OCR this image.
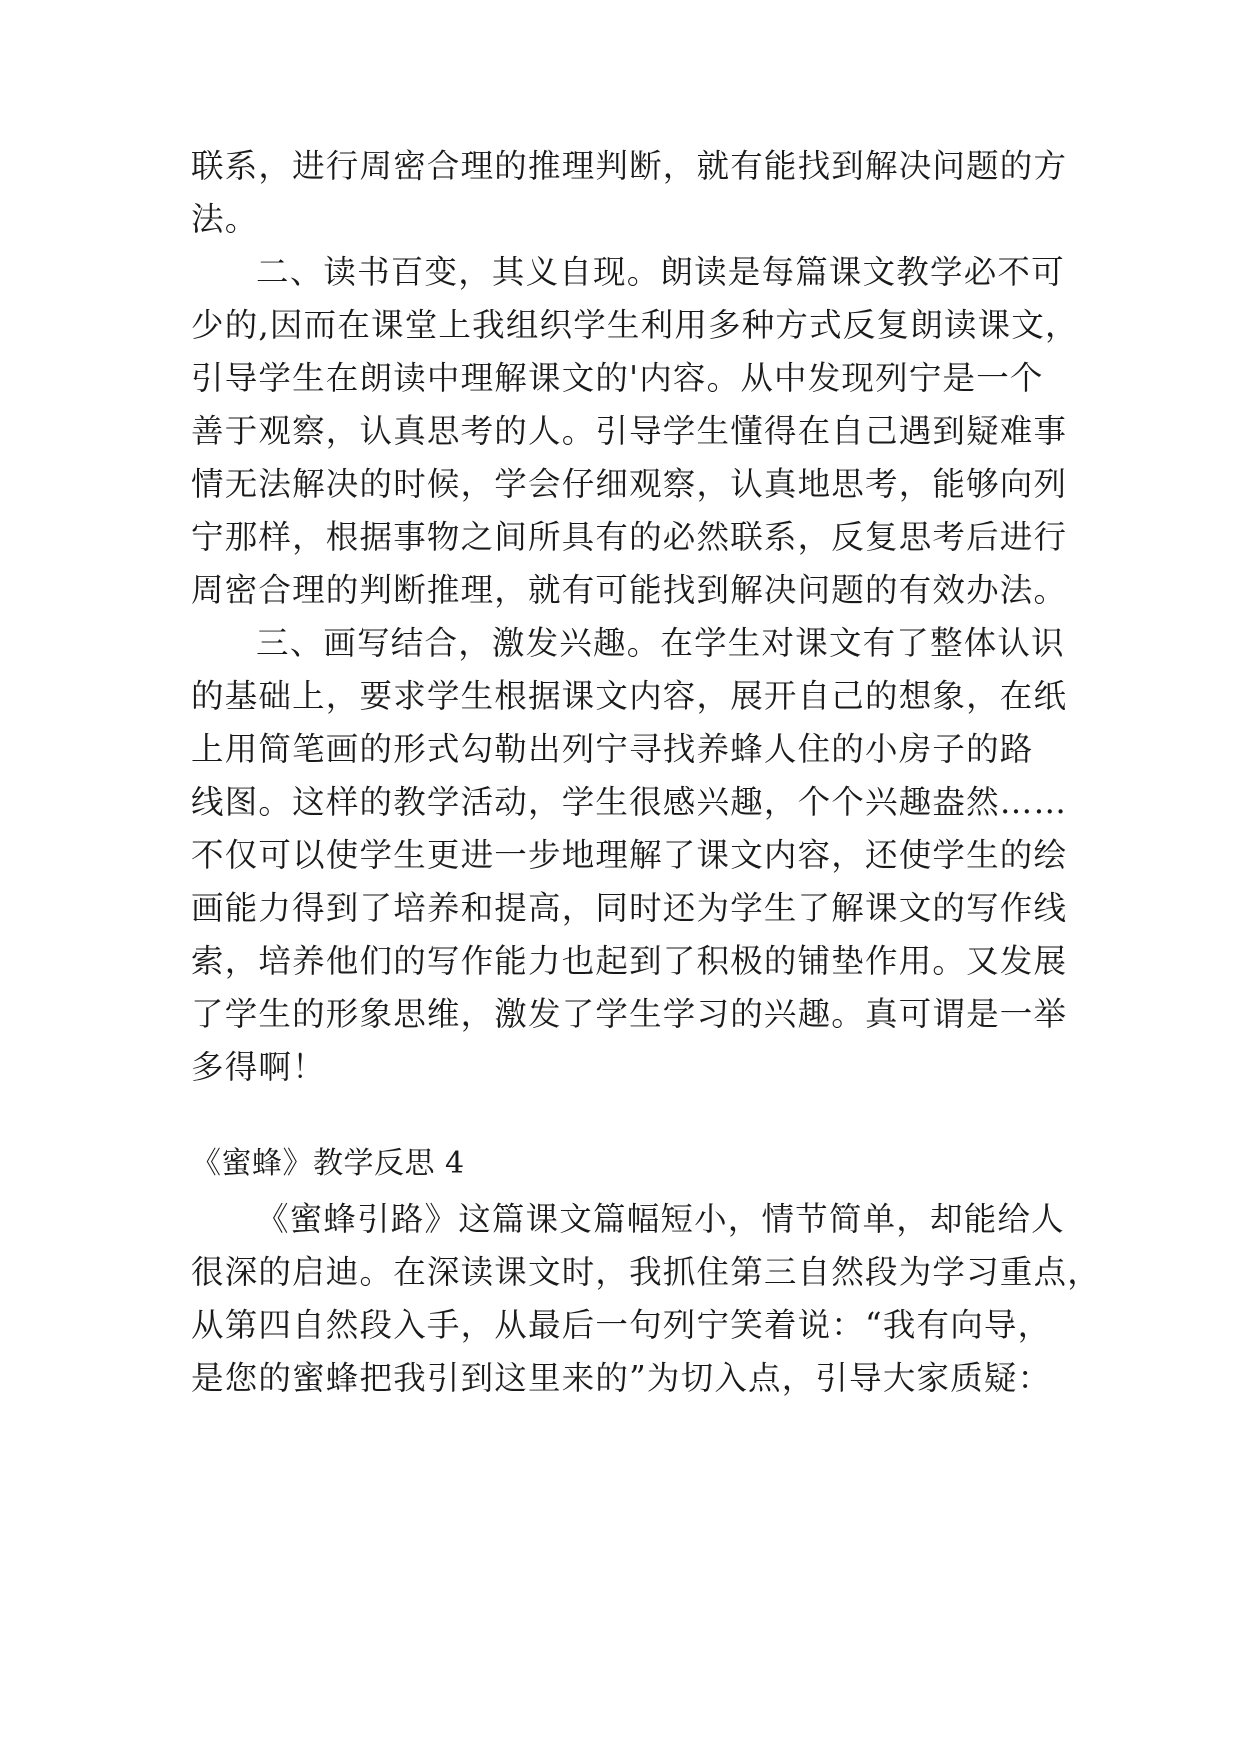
联系，进行周密合理的推理判断，就有能找到解决问题的方
法。
二、读书百变，其义自现。朗读是每篇课文教学必不可
少的,因而在课堂上我组织学生利用多种方式反复朗读课文，
引导学生在朗读中理解课文的'内容。从中发现列宁是一个
善于观察，认真思考的人。引导学生懂得在自己遇到疑难事
情无法解决的时候，学会仔细观察，认真地思考，能够向列
宁那样，根据事物之间所具有的必然联系，反复思考后进行
周密合理的判断推理，就有可能找到解决问题的有效办法。
三、画写结合，激发兴趣。在学生对课文有了整体认识
的基础上，要求学生根据课文内容，展开自己的想象，在纸
上用简笔画的形式勾勒出列宁寻找养蜂人住的小房子的路
线图。这样的教学活动，学生很感兴趣，个个兴趣盎然……
不仅可以使学生更进一步地理解了课文内容，还使学生的绘
画能力得到了培养和提高，同时还为学生了解课文的写作线
索，培养他们的写作能力也起到了积极的铺垫作用。又发展
了学生的形象思维，激发了学生学习的兴趣。真可谓是一举
多得啊！
《蜜蜂》教学反思 4
《蜜蜂引路》这篇课文篇幅短小，情节简单，却能给人
很深的启迪。在深读课文时，我抓住第三自然段为学习重点，
从第四自然段入手，从最后一句列宁笑着说：“我有向导，
是您的蜜蜂把我引到这里来的”为切入点，引导大家质疑：
